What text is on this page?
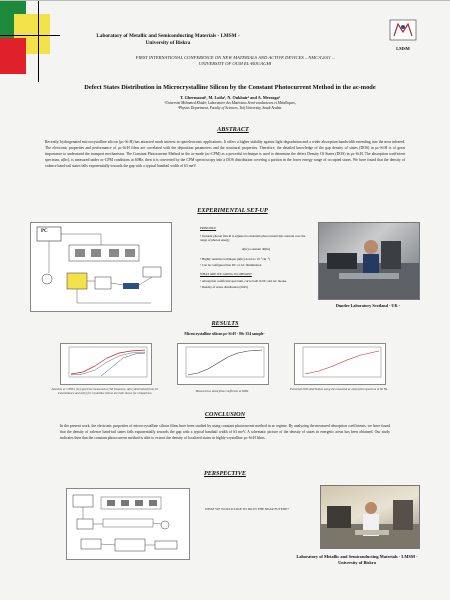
Laboratory of Metallic and Semiconducting Materials - LMSM -
University of Biskra
LMSM
FIRST INTERNATIONAL CONFERENCE ON NEW MATERIALS AND ACTIVE DEVICES – NMCA'2011 –
UNIVERSITY OF OUM EL-BOUAGHI
Defect States Distribution in Microcrystalline Silicon by the Constant Photocurrent Method in the ac-mode
T. Ghermaoui¹, M. Loifa¹, N. Oukhair¹ and A. Merazga²
¹Université Mohamed Khider, Laboratoire des Matériaux Semi-conducteurs et Métalliques,
²Physics Department, Faculty of Sciences, Taif University, Saudi Arabia.
ABSTRACT
Recently, hydrogenated microcrystalline silicon (µc-Si:H) has attracted much interest in optoelectronic applications. It offers a higher stability against light degradation and a wider absorption bandwidth extending into the near infrared. The electronic properties and performance of µc-Si:H films are correlated with the deposition parameters and the structural properties. Therefore, the detailed knowledge of the gap density of states (DOS) in µc-Si:H is of great importance to understand the transport mechanisms. The Constant Photocurrent Method in the ac-mode (ac-CPM) as a powerful technique is used to determine the defect Density Of States (DOS) in µc-Si:H. The absorption coefficient spectrum, α(hν), is measured under ac-CPM conditions at 60Hz, then it is converted by the CPM spectroscopy into a DOS distribution covering a portion in the lower energy range of occupied states. We have found that the density of valence band-tail states falls exponentially towards the gap with a typical bandtail width of 63 meV.
EXPERIMENTAL SET-UP
PC
PRINCIPLE
• Incident photon flux Φ is adjusted to maintain photocurrent Iph constant over the range of photon energy
α(hν)=constant /Φ(hν)
• Highly sensitive technique (α(hν) down to 10⁻¹cm⁻¹)
• Can be configured into DC or AC illumination
WHAT ARE WE GOING TO OBTAIN?
• Absorption coefficient spectrum, curve both in DC and AC modes.
• Density of states distribution (DOS)
Dundee Laboratory Scotland - UK -
RESULTS
Microcrystalline silicon µc-Si:H - 80c 354 sample -
Absolute ac CPM α (hν) spectrum measured at f 60 frequency. α(hν) determined from the transmittance and α(hν) for crystalline silicon are both shown for comparison.	Measured ac absorption coefficient at 60Hz	Extracted DOS distribution using the measured ac absorption spectrum at 60 Hz.
CONCLUSION
In the present work, the electronic properties of microcrystalline silicon films have been studied by using constant photocurrent method in ac regime. By analyzing the measured absorption coefficients, we have found that the density of valence band-tail states falls exponentially towards the gap with a typical bandtail width of 63 meV. A schematic picture of the density of states in energetic areas has been obtained. Our study indicates then that the constant photocurrent method is able to extract the density of localized states in highly-crystalline µc-Si:H films.
PERSPECTIVE
WHAT WE WOULD LIKE TO DO IN THE NEAR FUTURE?
Laboratory of Metallic and Semiconducting Materials - LMSM -
University of Biskra
